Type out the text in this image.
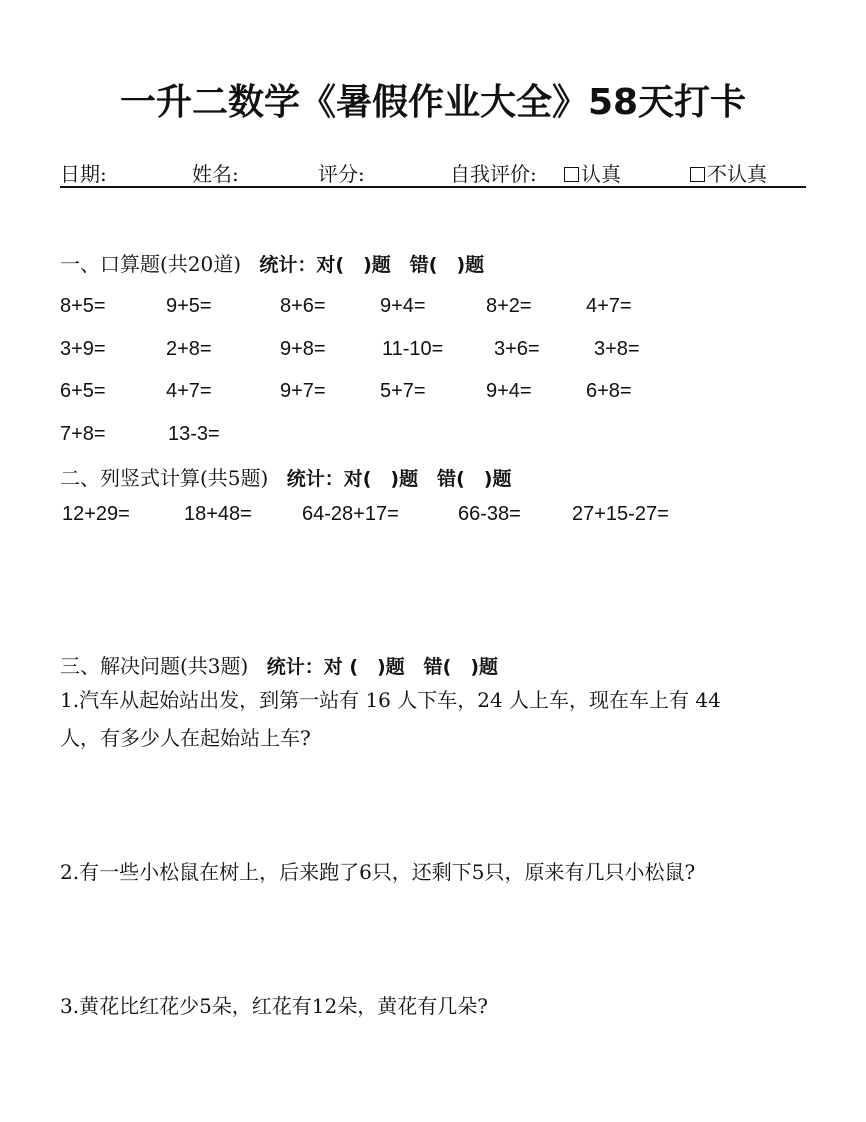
一升二数学《暑假作业大全》58天打卡
日期:	姓名:	评分:	自我评价:	认真	不认真
一、口算题(共20道) 统计：对(　)题　错(　)题
8+5=	9+5=	8+6=	9+4=	8+2=	4+7=
3+9=	2+8=	9+8=	11-10=	3+6=	3+8=
6+5=	4+7=	9+7=	5+7=	9+4=	6+8=
7+8=	13-3=
二、列竖式计算(共5题) 统计：对(　)题　错(　)题
12+29=	18+48=	64-28+17=	66-38=	27+15-27=
三、解决问题(共3题) 统计：对 (　)题　错(　)题
1.汽车从起始站出发，到第一站有 16 人下车，24 人上车，现在车上有 44
人，有多少人在起始站上车?
2.有一些小松鼠在树上，后来跑了6只，还剩下5只，原来有几只小松鼠?
3.黄花比红花少5朵，红花有12朵，黄花有几朵?
